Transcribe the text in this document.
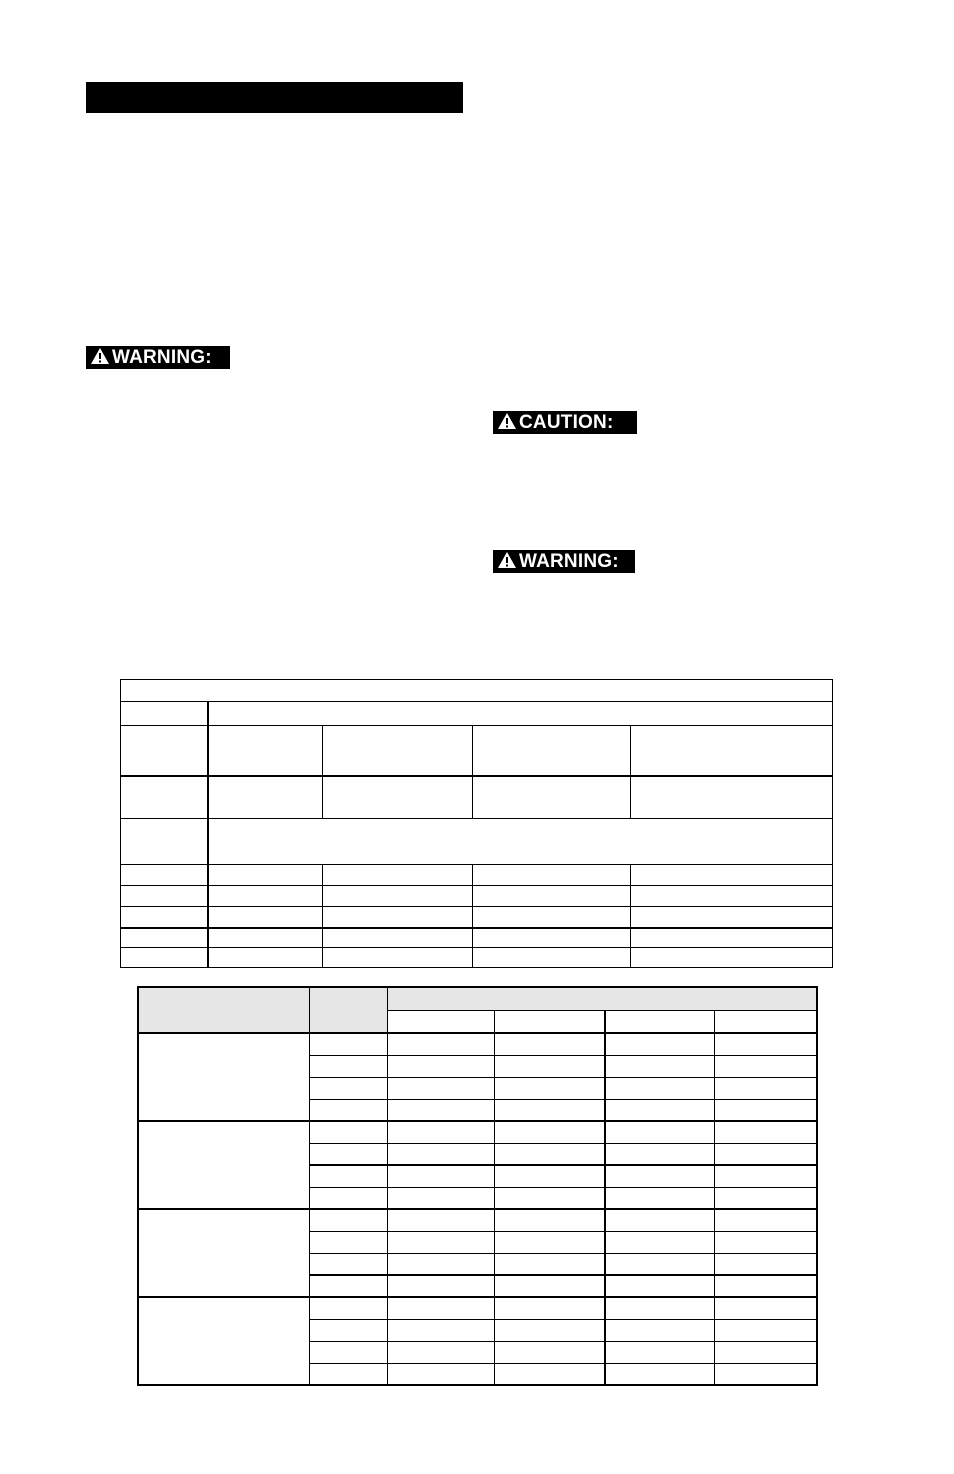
WARNING:
CAUTION:
WARNING:
